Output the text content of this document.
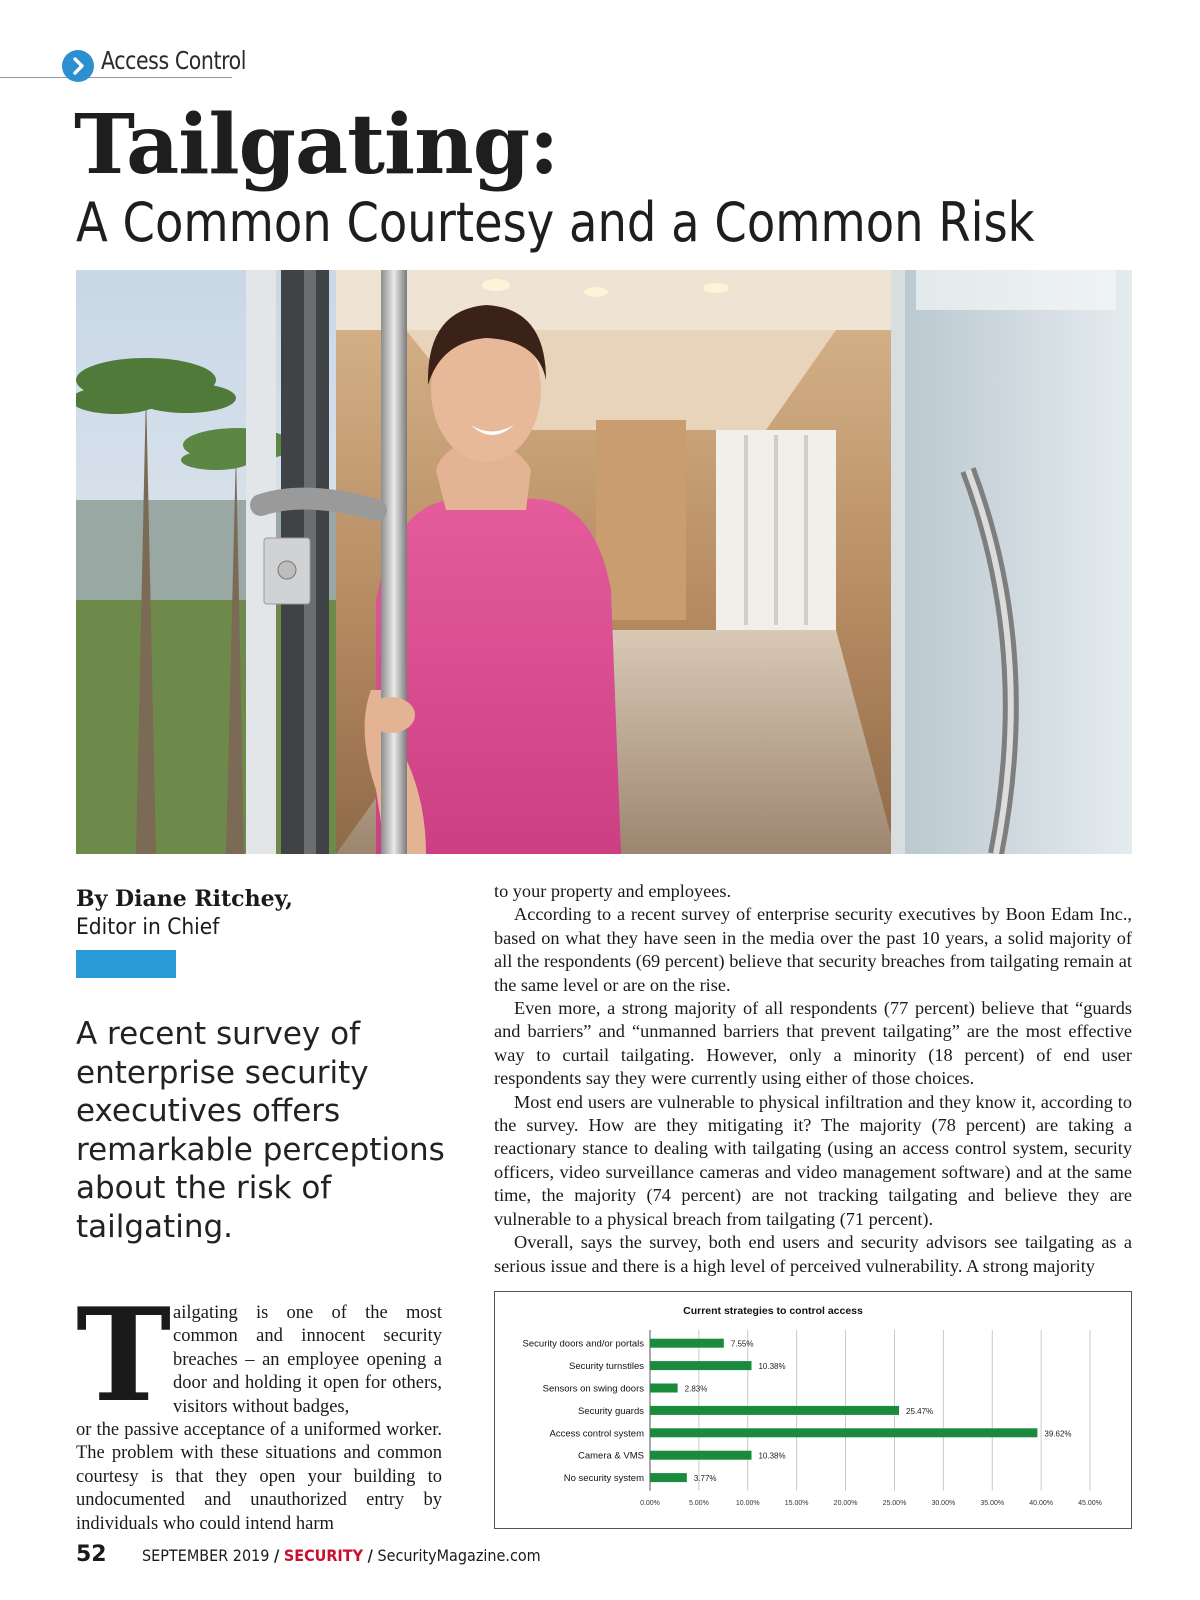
Access Control
Tailgating:
A Common Courtesy and a Common Risk
By Diane Ritchey,
Editor in Chief
A recent survey of enterprise security executives offers remarkable perceptions about the risk of tailgating.
T ailgating is one of the most common and innocent security breaches – an employee opening a door and holding it open for others, visitors without badges,
or the passive acceptance of a uniformed worker. The problem with these situations and common courtesy is that they open your building to undocumented and unauthorized entry by individuals who could intend harm

to your property and employees.

According to a recent survey of enterprise security executives by Boon Edam Inc., based on what they have seen in the media over the past 10 years, a solid majority of all the respondents (69 percent) believe that security breaches from tailgating remain at the same level or are on the rise.

Even more, a strong majority of all respondents (77 percent) believe that “guards and barriers” and “unmanned barriers that prevent tailgating” are the most effective way to curtail tailgating. However, only a minority (18 percent) of end user respondents say they were currently using either of those choices.

Most end users are vulnerable to physical infiltration and they know it, according to the survey. How are they mitigating it? The majority (78 percent) are taking a reactionary stance to dealing with tailgating (using an access control system, security officers, video surveillance cameras and video management software) and at the same time, the majority (74 percent) are not tracking tailgating and believe they are vulnerable to a physical breach from tailgating (71 percent).

Overall, says the survey, both end users and security advisors see tailgating as a serious issue and there is a high level of perceived vulnerability. A strong majority

Current strategies to control access
0.00%	5.00%	10.00%	15.00%	20.00%	25.00%	30.00%	35.00%	40.00%	45.00%
Security doors and/or portals	7.55%
Security turnstiles	10.38%
Sensors on swing doors	2.83%
Security guards	25.47%
Access control system	39.62%
Camera & VMS	10.38%
No security system	3.77%
52 SEPTEMBER 2019 / SECURITY / SecurityMagazine.com
